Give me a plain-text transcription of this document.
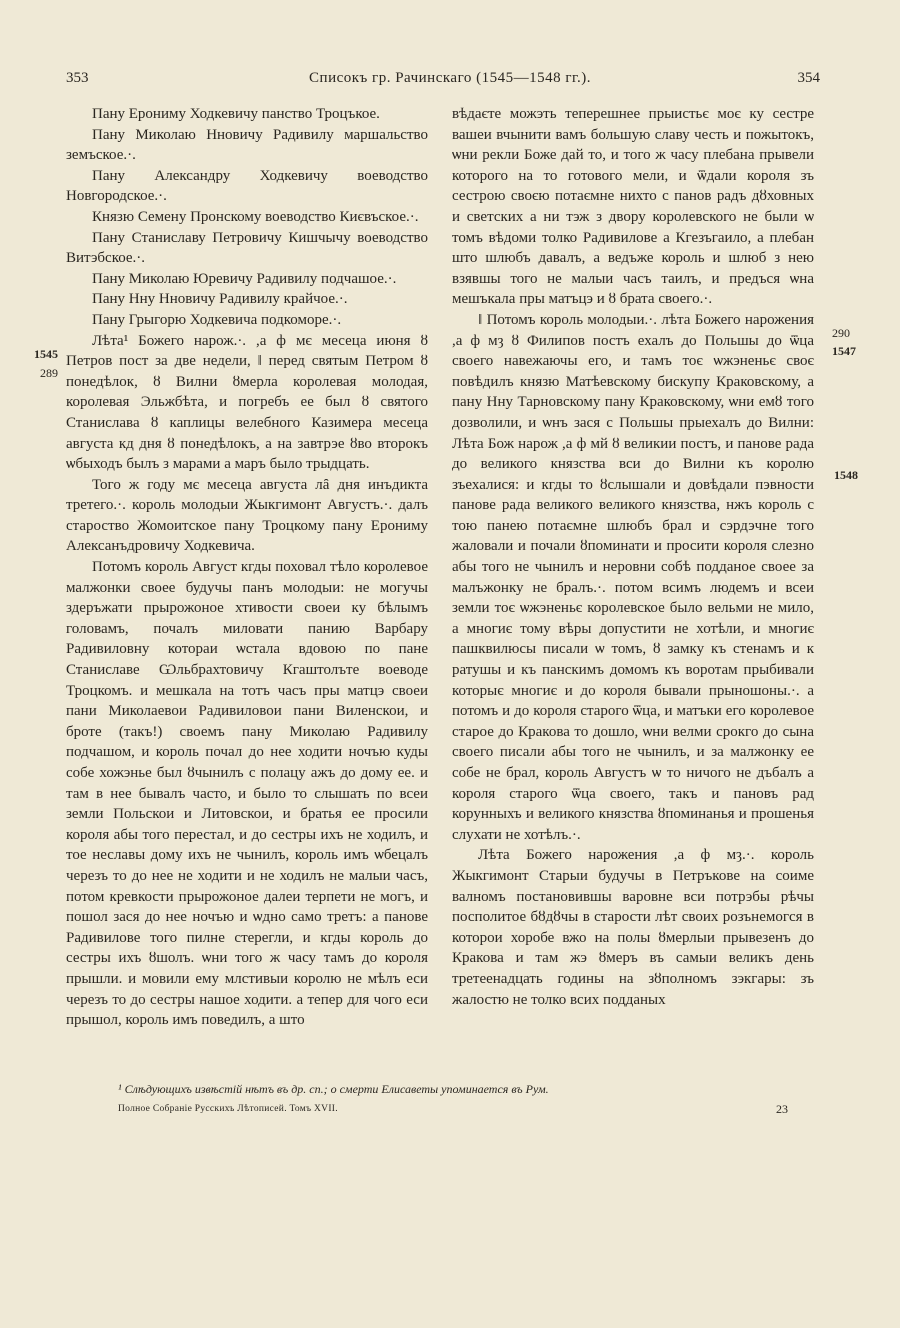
353	Списокъ гр. Рачинскаго (1545—1548 гг.).	354

Пану Ерониму Ходкевичу панство Троцъкое.

Пану Миколаю Ннoвичу Радивилу маршальство земъское.·.

Пану Александру Ходкевичу воеводство Новгородское.·.

Князю Семену Пронскому воеводство Києвъское.·.

Пану Станиславу Петровичу Кишчычу воеводство Витэбское.·.

Пану Миколаю Юревичу Радивилу подчашое.·.

Пану Нну Нновичу Радивилу крайчое.·.

Пану Грыгорю Ходкевича подкоморе.·.

Лѣта¹ Божего нарож.·. ,а ф мє месеца июня ȣ Петров пост за две недели, ‖ перед святым Петром ȣ понедѣлок, ȣ Вилни ȣмерла королевая молодая, королевая Эльжбѣта, и погребъ ее был ȣ святого Станислава ȣ каплицы велебного Казимера месеца августа кд дня ȣ понедѣлокъ, а на завтрэе ȣво второкъ ѡбыходъ былъ з марами а маръ было трыдцать.

Того ж году мє месеца августа лȃ дня инъдикта третего.·. король молодыи Жыкгимонт Августъ.·. далъ староство Жомоитское пану Троцкому пану Ерониму Алексанъдровичу Ходкевича.

Потомъ король Август кгды поховал тѣло королевое малжонки своее будучы панъ молодыи: не могучы здеръжати прырожоное хтивости своеи ку бѣлымъ головамъ, почалъ миловати панию Варбару Радивиловну котораи ѡстала вдовою по пане Станиславе Ѡльбрахтовичу Кгаштолъте воеводе Троцкомъ. и мешкала на тотъ часъ пры матцэ своеи пани Миколаевои Радивиловои пани Виленскои, и броте (такъ!) своемъ пану Миколаю Радивилу подчашом, и король почал до нее ходити ночъю куды собе хожэнье был ȣчынилъ с полацу ажъ до дому ее. и там в нее бывалъ часто, и было то слышать по всеи земли Польскои и Литовскои, и братья ее просили короля абы того перестал, и до сестры ихъ не ходилъ, и тое неславы дому ихъ не чынилъ, король имъ ѡбецалъ черезъ то до нее не ходити и не ходилъ не малыи часъ, потом кревкости прырожоное далеи терпети не могъ, и пошол зася до нее ночъю и ѡдно само третъ: а панове Радивилове того пилне стерегли, и кгды король до сестры ихъ ȣшолъ. ѡни того ж часу тамъ до короля прышли. и мовили ему млстивыи королю не мѣлъ еси черезъ то до сестры нашое ходити. а тепер для чого еси прышол, король имъ поведилъ, а што

вѣдаєте можэть теперешнее прыистьє моє ку сестре вашеи вчынити вамъ большую славу честь и пожытокъ, ѡни рекли Боже дай то, и того ж часу плебана прывели которого на то готового мели, и ѿдали короля зъ сестрою своєю потаємне нихто с панов радъ дȣховных и светских а ни тэж з двору королевского не были ѡ томъ вѣдоми толко Радивилове а Кгезъгаило, а плебан што шлюбъ давалъ, а ведъже король и шлюб з нею взявшы того не малыи часъ таилъ, и предъся ѡна мешъкала пры матъцэ и ȣ брата своего.·.

‖ Потомъ король молодыи.·. лѣта Божего нарожения ,а ф мȝ ȣ Филипов постъ ехалъ до Польшы до ѿца своего навежаючы его, и тамъ тоє ѡжэненьє своє повѣдилъ князю Матѣевскому бискупу Краковскому, а пану Нну Тарновскому пану Краковскому, ѡни емȣ того дозволили, и ѡнъ зася с Польшы прыехалъ до Вилни: Лѣта Бож нарож ,а ф мй ȣ великии постъ, и панове рада до великого князства вси до Вилни къ королю зъехалися: и кгды то ȣслышали и довѣдали пэвности панове рада великого великого князства, нжъ король с тою панею потаємне шлюбъ брал и сэрдэчне того жаловали и почали ȣпоминати и просити короля слезно абы того не чынилъ и неровни собѣ подданое своее за малъжонку не бралъ.·. потом всимъ людемъ и всеи земли тоє ѡжэненьє королевское было вельми не мило, а многиє тому вѣры допустити не хотѣли, и многиє пашквилюсы писали ѡ томъ, ȣ замку къ стенамъ и к ратушы и къ панскимъ домомъ къ воротам прыбивали которыє многиє и до короля бывали прыношоны.·. а потомъ и до короля старого ѿца, и матъки его королевое старое до Кракова то дошло, ѡни велми срокго до сына своего писали абы того не чынилъ, и за малжонку ее собе не брал, король Августъ ѡ то ничого не дъбалъ а короля старого ѿца своего, такъ и пановъ рад корунныхъ и великого князства ȣпоминанья и прошенья слухати не хотѣлъ.·.

Лѣта Божего нарожения ,а ф мȝ.·. король Жыкгимонт Старыи будучы в Петръкове на соиме валномъ постановившы варовне вси потрэбы рѣчы посполитое бȣдȣчы в старости лѣт своих розънемогся в которои хоробе вжо на полы ȣмерлыи прывезенъ до Кракова и там жэ ȣмеръ въ самыи великъ день третеенадцать годины на зȣполномъ зэкгары: зъ жалостю не толко всих подданых

1545
289
290
1547
1548
¹ Слѣдующихъ извѣстій нѣтъ въ др. сп.; о смерти Елисаветы упоминается въ Рум.
Полное Собраніе Русскихъ Лѣтописей. Томъ XVII.	23
